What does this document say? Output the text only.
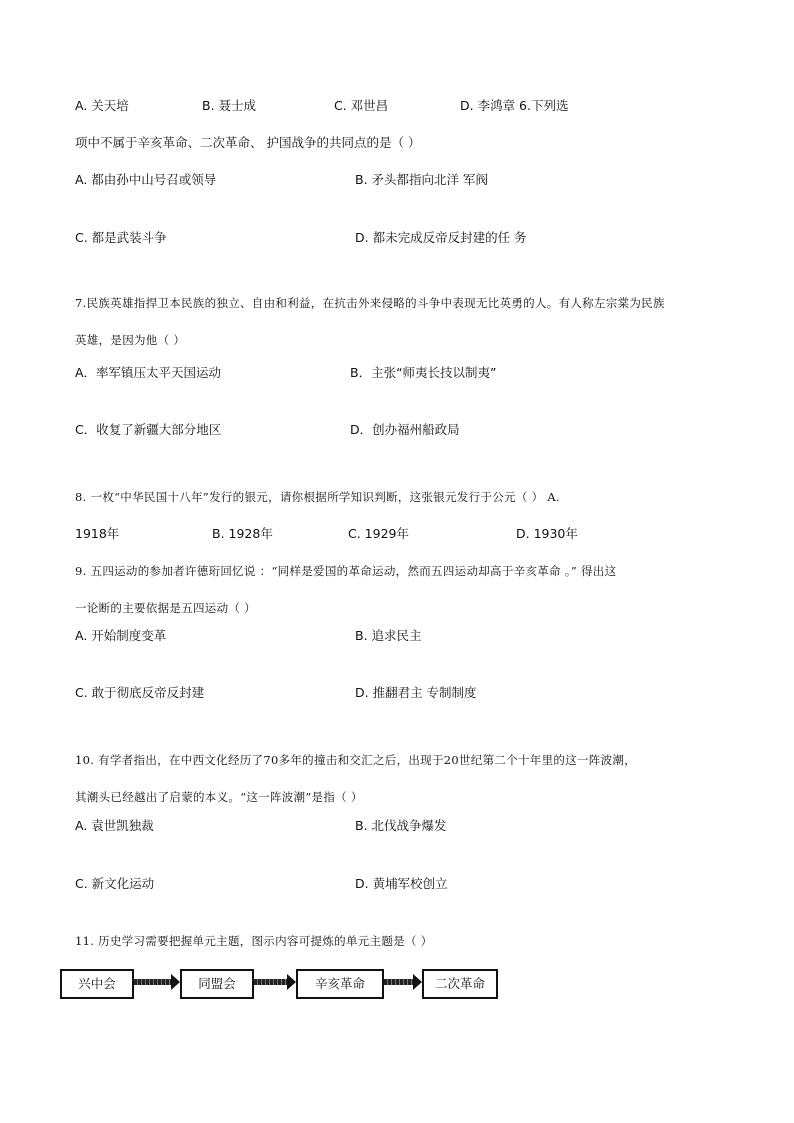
A. 关天培	B. 聂士成	C. 邓世昌	D. 李鸿章 6.下列选
项中不属于辛亥革命、二次革命、 护国战争的共同点的是（ ）
A. 都由孙中山号召或领导	B. 矛头都指向北洋 军阀
C. 都是武装斗争	D. 都未完成反帝反封建的任 务
7.民族英雄指捍卫本民族的独立、自由和利益，在抗击外来侵略的斗争中表现无比英勇的人。有人称左宗棠为民族
英雄，是因为他（ ）
A．率军镇压太平天国运动	B．主张“师夷长技以制夷”
C．收复了新疆大部分地区	D．创办福州船政局
8. 一枚“中华民国十八年”发行的银元，请你根据所学知识判断，这张银元发行于公元（ ） A.
1918年	B. 1928年	C. 1929年	D. 1930年
9. 五四运动的参加者许德珩回忆说 ：“同样是爱国的革命运动，然而五四运动却高于辛亥革命 。” 得出这
一论断的主要依据是五四运动（ ）
A. 开始制度变革	B. 追求民主
C. 敢于彻底反帝反封建	D. 推翻君主 专制制度
10. 有学者指出，在中西文化经历了70多年的撞击和交汇之后，出现于20世纪第二个十年里的这一阵波潮，
其潮头已经越出了启蒙的本义。“这一阵波潮”是指（ ）
A. 袁世凯独裁	B. 北伐战争爆发
C. 新文化运动	D. 黄埔军校创立
11. 历史学习需要把握单元主题，图示内容可提炼的单元主题是（ ）
兴中会	同盟会	辛亥革命	二次革命
